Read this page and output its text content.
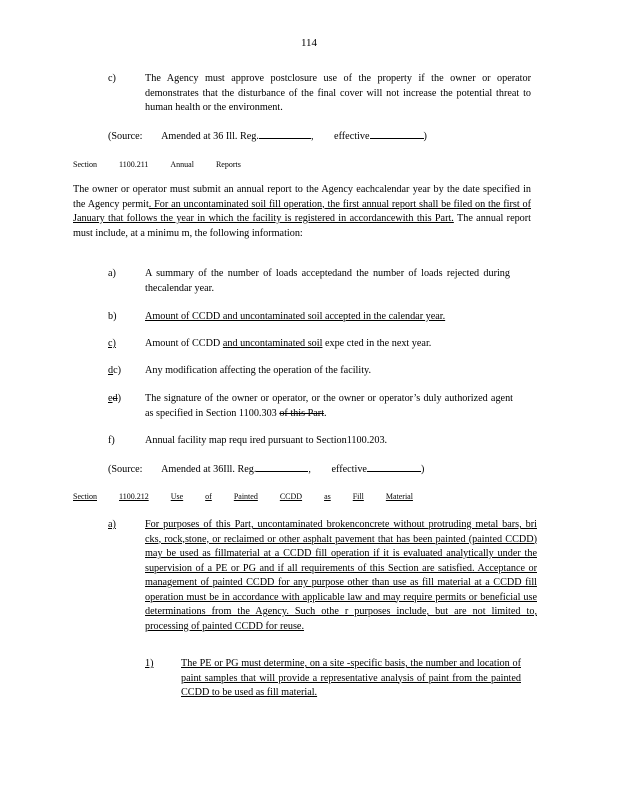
114
c)	The Agency must approve postclosure use of the property if the owner or operator demonstrates that the disturbance of the final cover will not increase the potential threat to human health or the environment.
(Source: Amended at 36 Ill. Reg.	, effective	)
Section	1100.211	Annual	Reports
The owner or operator must submit an annual report to the Agency eachcalendar year by the date specified in the Agency permit. For an uncontaminated soil fill operation, the first annual report shall be filed on the first of January that follows the year in which the facility is registered in accordancewith this Part. The annual report must include, at a minimu m, the following information:
a)	A summary of the number of loads acceptedand the number of loads rejected during thecalendar year.
b)	Amount of CCDD and uncontaminated soil accepted in the calendar year.
c)	Amount of CCDD and uncontaminated soil expe cted in the next year.
dc)	Any modification affecting the operation of the facility.
ed)	The signature of the owner or operator, or the owner or operator’s duly authorized agent as specified in Section 1100.303 of this Part.
f)	Annual facility map requ ired pursuant to Section1100.203.
(Source: Amended at 36Ill. Reg.	, effective	)
Section	1100.212	Use	of	Painted	CCDD	as	Fill	Material
a)	For purposes of this Part, uncontaminated brokenconcrete without protruding metal bars, bri cks, rock,stone, or reclaimed or other asphalt pavement that has been painted (painted CCDD) may be used as fillmaterial at a CCDD fill operation if it is evaluated analytically under the supervision of a PE or PG and if all requirements of this Section are satisfied. Acceptance or management of painted CCDD for any purpose other than use as fill material at a CCDD fill operation must be in accordance with applicable law and may require permits or beneficial use determinations from the Agency. Such othe r purposes include, but are not limited to, processing of painted CCDD for reuse.
1)	The PE or PG must determine, on a site -specific basis, the number and location of paint samples that will provide a representative analysis of paint from the painted CCDD to be used as fill material.
